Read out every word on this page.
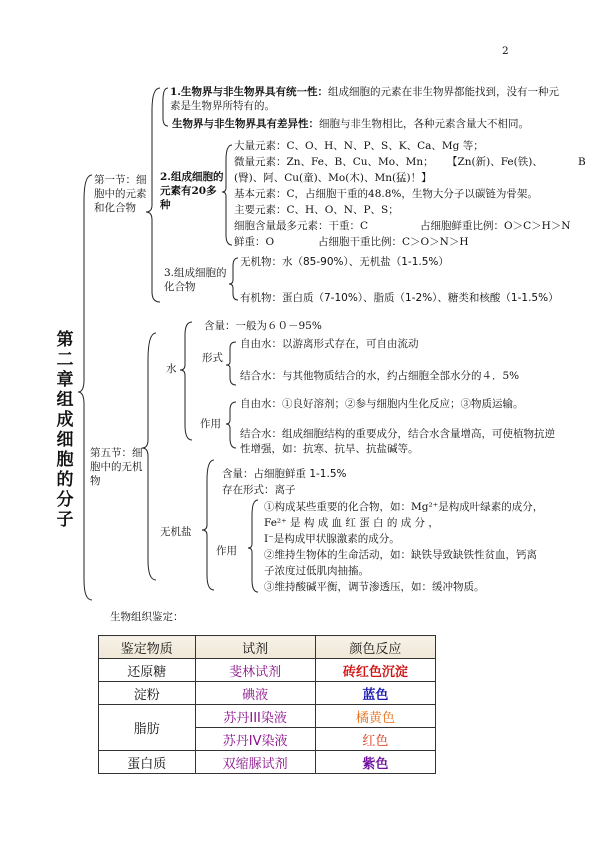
2
第二章 组成细胞的分子
第一节：细胞中的元素和化合物
1.生物界与非生物界具有统一性：组成细胞的元素在非生物界都能找到，没有一种元
素是生物界所特有的。
生物界与非生物界具有差异性：细胞与非生物相比，各种元素含量大不相同。
2.组成细胞的元素有20多种
大量元素：C、O、H、N、P、S、K、Ca、Mg 等；
微量元素：Zn、Fe、B、Cu、Mo、Mn； 【Zn(新)、Fe(铁)、	B
(臀)、阿、Cu(童)、Mo(木)、Mn(猛)！】
基本元素：C，占细胞干重的48.8%，生物大分子以碳链为骨架。
主要元素：C、H、O、N、P、S；
细胞含量最多元素：干重：C	占细胞鲜重比例：O＞C＞H＞N
鲜重：O	占细胞干重比例：C＞O＞N＞H
3.组成细胞的化合物
无机物：水（85-90%）、无机盐（1-1.5%）
有机物：蛋白质（7-10%）、脂质（1-2%）、糖类和核酸（1-1.5%）
第五节：细胞中的无机物
水
含量：一般为６０－95%
形式
自由水：以游离形式存在，可自由流动
结合水：与其他物质结合的水，约占细胞全部水分的４．5%
作用
自由水：①良好溶剂；②参与细胞内生化反应；③物质运输。
结合水：组成细胞结构的重要成分，结合水含量增高，可使植物抗逆
性增强，如：抗寒、抗旱、抗盐碱等。
无机盐
含量：占细胞鲜重 1-1.5%
存在形式：离子
作用
①构成某些重要的化合物，如：Mg²⁺是构成叶绿素的成分，
Fe²⁺ 是 构 成 血 红 蛋 白 的 成 分 ，
I⁻是构成甲状腺激素的成分。
②维持生物体的生命活动，如：缺铁导致缺铁性贫血，钙离
子浓度过低肌肉抽搐。
③维持酸碱平衡，调节渗透压，如：缓冲物质。
生物组织鉴定：
鉴定物质	试剂	颜色反应
还原糖	斐林试剂	砖红色沉淀
淀粉	碘液	蓝色
脂肪	苏丹III染液	橘黄色
	苏丹IV染液	红色
蛋白质	双缩脲试剂	紫色
